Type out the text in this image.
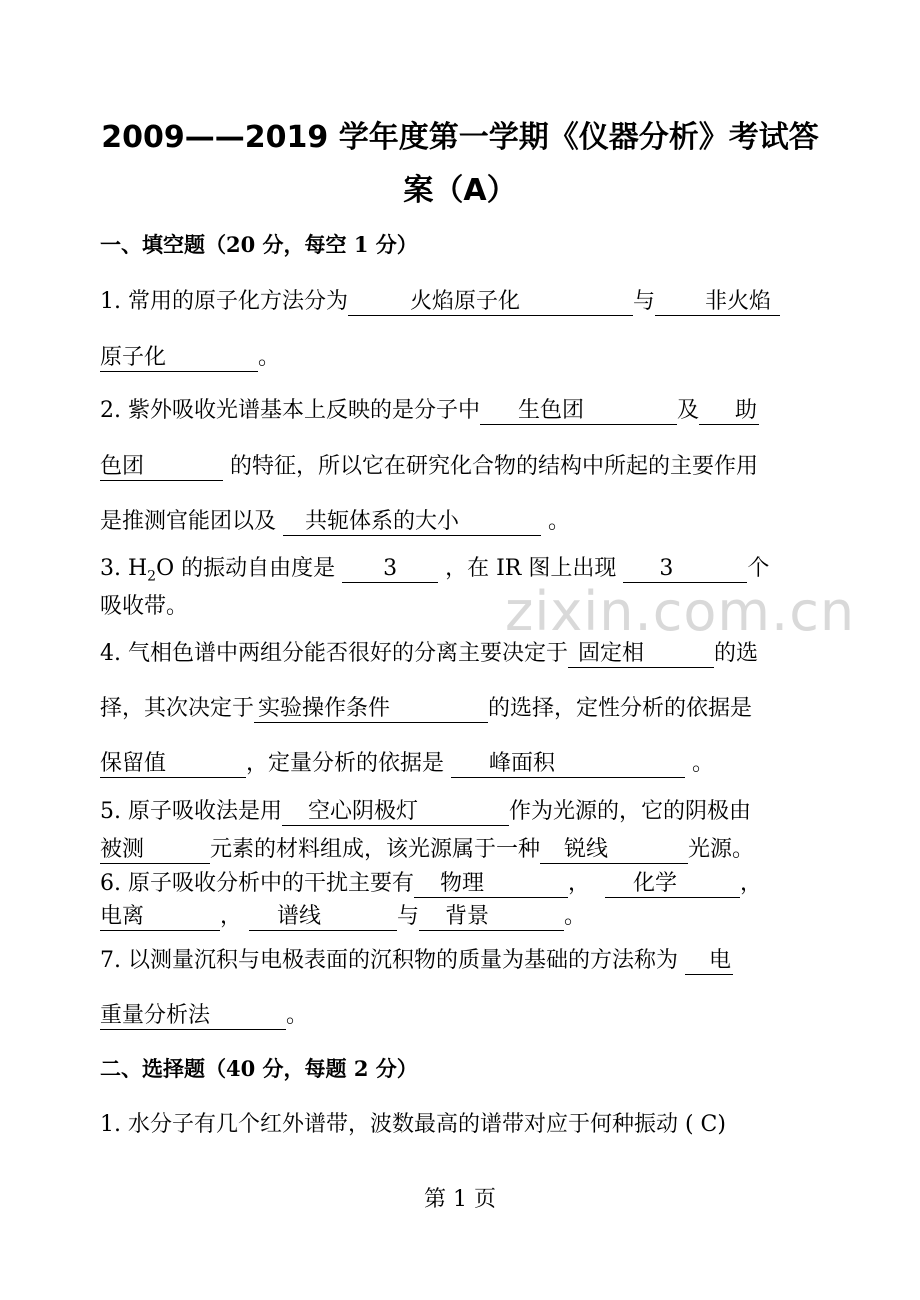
zixin.com.cn
2009——2019 学年度第一学期《仪器分析》考试答
案（A）
一、填空题（20 分，每空 1 分）
1. 常用的原子化方法分为	火焰原子化	与 非火焰
原子化	。
2. 紫外吸收光谱基本上反映的是分子中 生色团	及 助
色团	的特征，所以它在研究化合物的结构中所起的主要作用
是推测官能团以及 共轭体系的大小	。
3. $H_2O$ 的振动自由度是 3 ，在 IR 图上出现 3	个
吸收带。
4. 气相色谱中两组分能否很好的分离主要决定于 固定相	的选
择，其次决定于 实验操作条件	的选择，定性分析的依据是
保留值	，定量分析的依据是 峰面积	。
5. 原子吸收法是用 空心阴极灯	作为光源的，它的阴极由
被测	元素的材料组成，该光源属于一种 锐线	光源。
6. 原子吸收分析中的干扰主要有 物理	， 化学	，
电离	， 谱线	与 背景	。
7. 以测量沉积与电极表面的沉积物的质量为基础的方法称为 电
重量分析法	。
二、选择题（40 分，每题 2 分）
1. 水分子有几个红外谱带，波数最高的谱带对应于何种振动 ( C)
第 1 页
